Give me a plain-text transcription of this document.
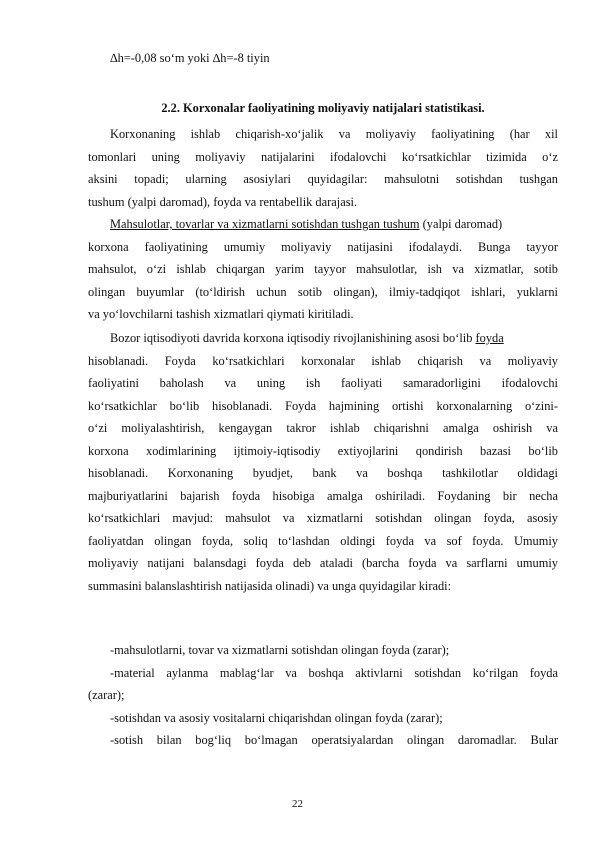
∆h=-0,08 so‘m yoki ∆h=-8 tiyin
2.2. Korxonalar faoliyatining moliyaviy natijalari statistikasi.
Korxonaning ishlab chiqarish-xo‘jalik va moliyaviy faoliyatining (har xil
tomonlari uning moliyaviy natijalarini ifodalovchi ko‘rsatkichlar tizimida o‘z
aksini topadi; ularning asosiylari quyidagilar: mahsulotni sotishdan tushgan
tushum (yalpi daromad), foyda va rentabellik darajasi.
Mahsulotlar, tovarlar va xizmatlarni sotishdan tushgan tushum (yalpi daromad)
korxona faoliyatining umumiy moliyaviy natijasini ifodalaydi. Bunga tayyor
mahsulot, o‘zi ishlab chiqargan yarim tayyor mahsulotlar, ish va xizmatlar, sotib
olingan buyumlar (to‘ldirish uchun sotib olingan), ilmiy-tadqiqot ishlari, yuklarni
va yo‘lovchilarni tashish xizmatlari qiymati kiritiladi.
Bozor iqtisodiyoti davrida korxona iqtisodiy rivojlanishining asosi bo‘lib foyda
hisoblanadi. Foyda ko‘rsatkichlari korxonalar ishlab chiqarish va moliyaviy
faoliyatini baholash va uning ish faoliyati samaradorligini ifodalovchi
ko‘rsatkichlar bo‘lib hisoblanadi. Foyda hajmining ortishi korxonalarning o‘zini-
o‘zi moliyalashtirish, kengaygan takror ishlab chiqarishni amalga oshirish va
korxona xodimlarining ijtimoiy-iqtisodiy extiyojlarini qondirish bazasi bo‘lib
hisoblanadi. Korxonaning byudjet, bank va boshqa tashkilotlar oldidagi
majburiyatlarini bajarish foyda hisobiga amalga oshiriladi. Foydaning bir necha
ko‘rsatkichlari mavjud: mahsulot va xizmatlarni sotishdan olingan foyda, asosiy
faoliyatdan olingan foyda, soliq to‘lashdan oldingi foyda va sof foyda. Umumiy
moliyaviy natijani balansdagi foyda deb ataladi (barcha foyda va sarflarni umumiy
summasini balanslashtirish natijasida olinadi) va unga quyidagilar kiradi:
-mahsulotlarni, tovar va xizmatlarni sotishdan olingan foyda (zarar);
-material aylanma mablag‘lar va boshqa aktivlarni sotishdan ko‘rilgan foyda
(zarar);
-sotishdan va asosiy vositalarni chiqarishdan olingan foyda (zarar);
-sotish bilan bog‘liq bo‘lmagan operatsiyalardan olingan daromadlar. Bular
22
